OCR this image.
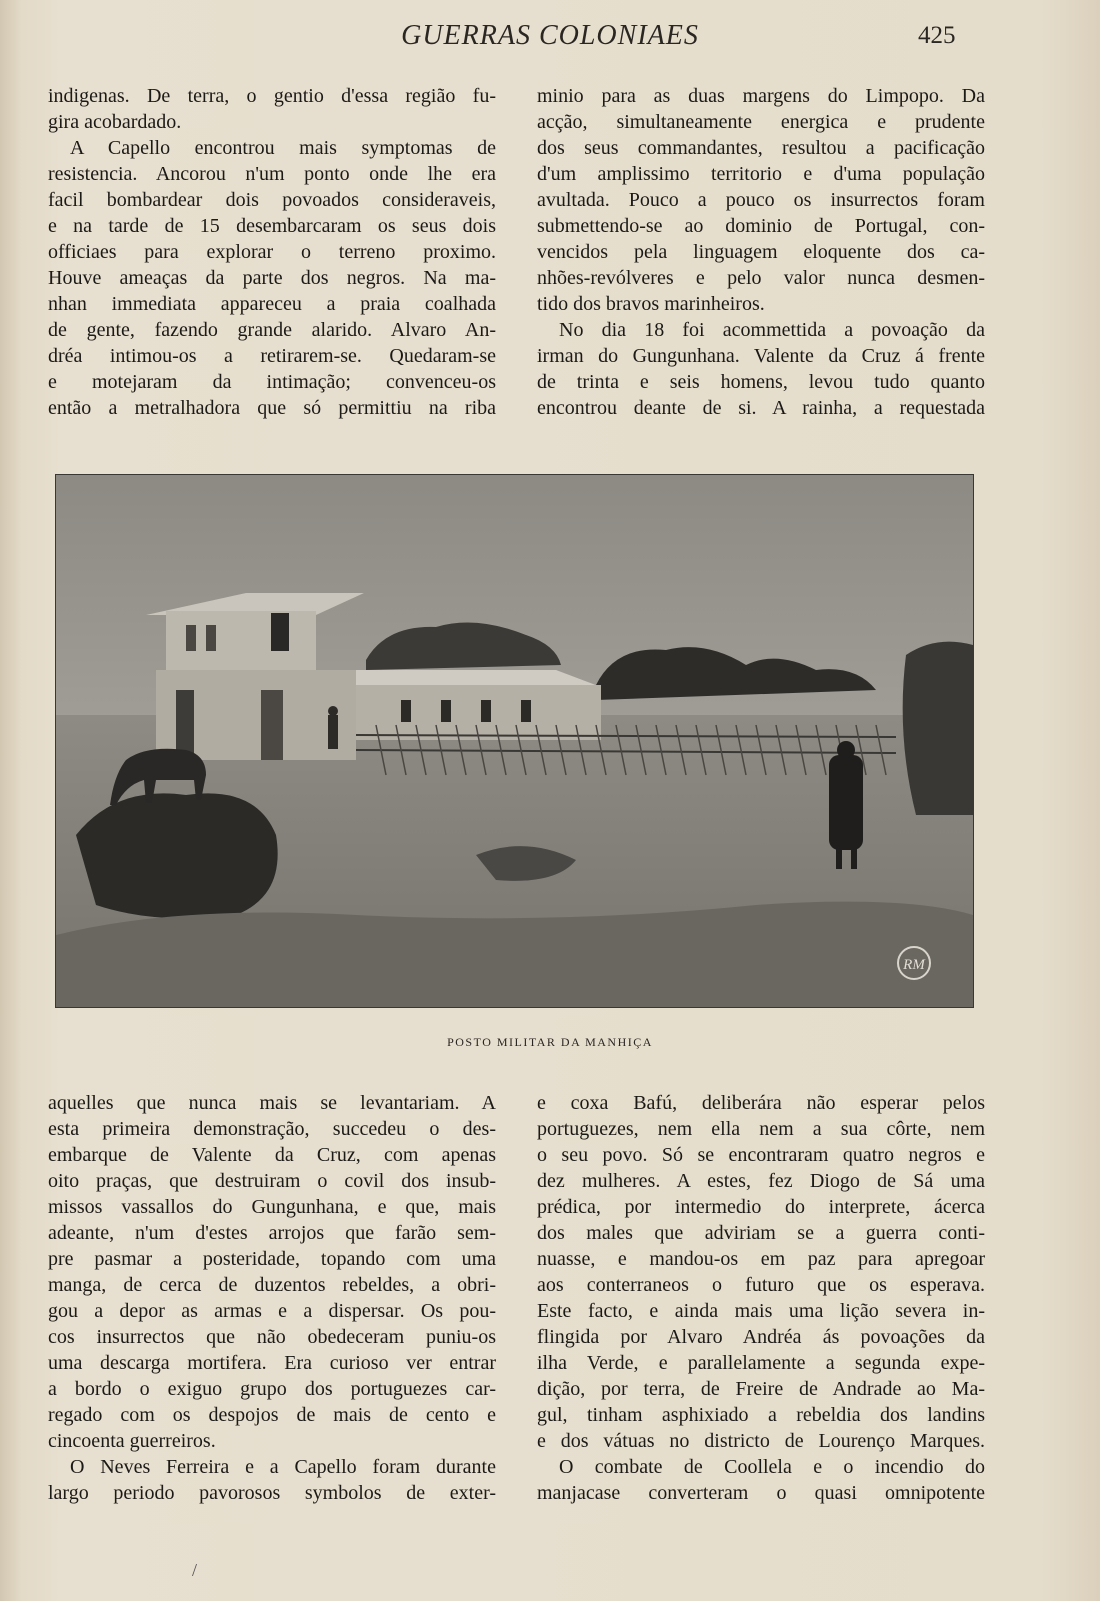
GUERRAS COLONIAES	425
indigenas. De terra, o gentio d'essa região fu-
gira acobardado.
A Capello encontrou mais symptomas de
resistencia. Ancorou n'um ponto onde lhe era
facil bombardear dois povoados consideraveis,
e na tarde de 15 desembarcaram os seus dois
officiaes para explorar o terreno proximo.
Houve ameaças da parte dos negros. Na ma-
nhan immediata appareceu a praia coalhada
de gente, fazendo grande alarido. Alvaro An-
dréa intimou-os a retirarem-se. Quedaram-se
e motejaram da intimação; convenceu-os
então a metralhadora que só permittiu na riba
minio para as duas margens do Limpopo. Da
acção, simultaneamente energica e prudente
dos seus commandantes, resultou a pacificação
d'um amplissimo territorio e d'uma população
avultada. Pouco a pouco os insurrectos foram
submettendo-se ao dominio de Portugal, con-
vencidos pela linguagem eloquente dos ca-
nhões-revólveres e pelo valor nunca desmen-
tido dos bravos marinheiros.
No dia 18 foi acommettida a povoação da
irman do Gungunhana. Valente da Cruz á frente
de trinta e seis homens, levou tudo quanto
encontrou deante de si. A rainha, a requestada
RM
POSTO MILITAR DA MANHIÇA
aquelles que nunca mais se levantariam. A
esta primeira demonstração, succedeu o des-
embarque de Valente da Cruz, com apenas
oito praças, que destruiram o covil dos insub-
missos vassallos do Gungunhana, e que, mais
adeante, n'um d'estes arrojos que farão sem-
pre pasmar a posteridade, topando com uma
manga, de cerca de duzentos rebeldes, a obri-
gou a depor as armas e a dispersar. Os pou-
cos insurrectos que não obedeceram puniu-os
uma descarga mortifera. Era curioso ver entrar
a bordo o exiguo grupo dos portuguezes car-
regado com os despojos de mais de cento e
cincoenta guerreiros.
O Neves Ferreira e a Capello foram durante
largo periodo pavorosos symbolos de exter-
e coxa Bafú, deliberára não esperar pelos
portuguezes, nem ella nem a sua côrte, nem
o seu povo. Só se encontraram quatro negros e
dez mulheres. A estes, fez Diogo de Sá uma
prédica, por intermedio do interprete, ácerca
dos males que adviriam se a guerra conti-
nuasse, e mandou-os em paz para apregoar
aos conterraneos o futuro que os esperava.
Este facto, e ainda mais uma lição severa in-
flingida por Alvaro Andréa ás povoações da
ilha Verde, e parallelamente a segunda expe-
dição, por terra, de Freire de Andrade ao Ma-
gul, tinham asphixiado a rebeldia dos landins
e dos vátuas no districto de Lourenço Marques.
O combate de Coollela e o incendio do
manjacase converteram o quasi omnipotente
/
